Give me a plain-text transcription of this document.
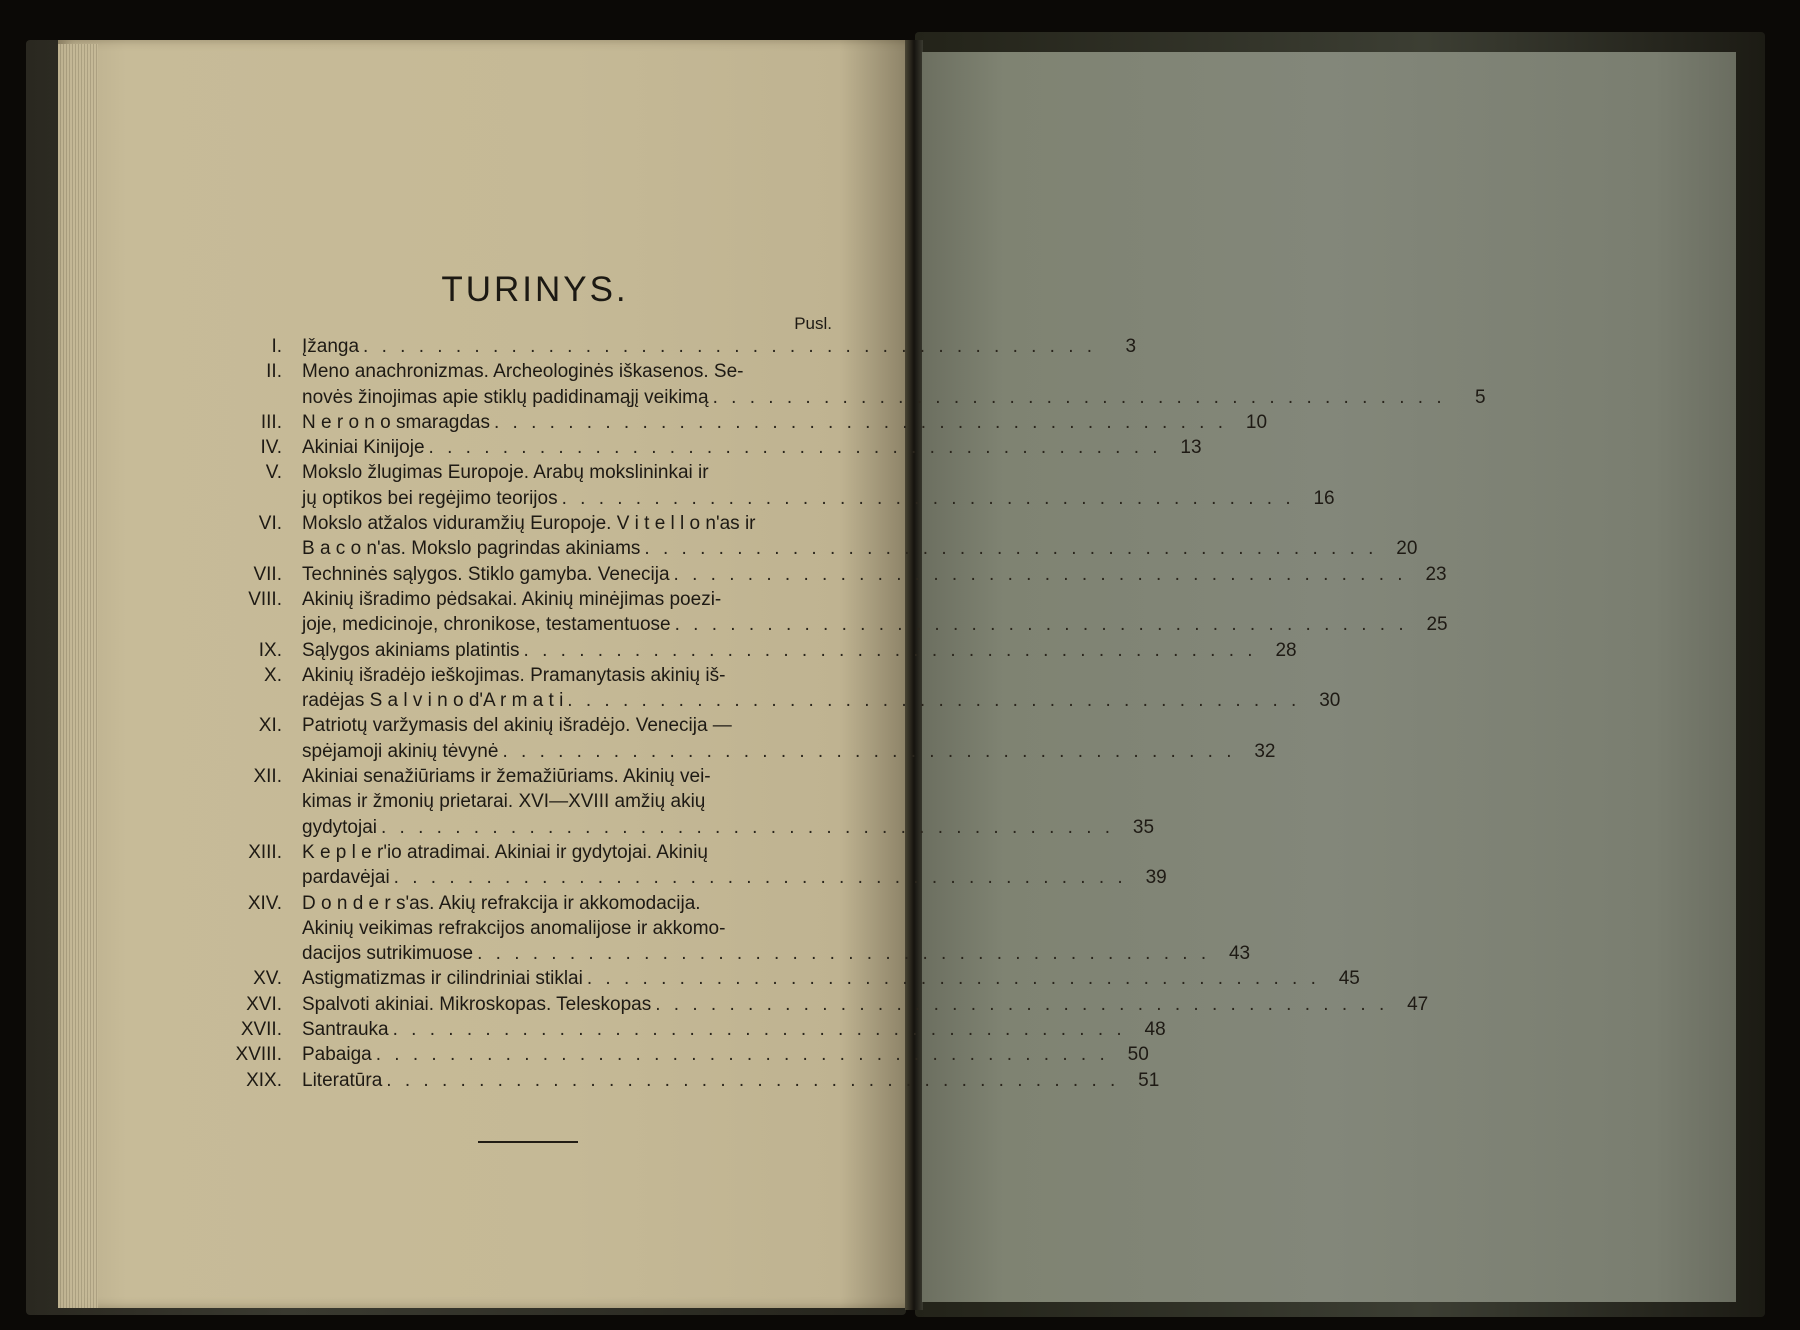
TURINYS.
Pusl.
I.	Įžanga . . . . . . . . . . . . . . . . . . . . . . . . . . . . . . . . . . . . . . . .	3
II.	Meno anachronizmas. Archeologinės iškasenos. Se-
novės žinojimas apie stiklų padidinamąjį veikimą . . . . . . . . . . . . . . . . . . . . . . . . . . . . . . . . . . . . . . . .	5
III.	N e r o n o smaragdas . . . . . . . . . . . . . . . . . . . . . . . . . . . . . . . . . . . . . . . . 10
IV.	Akiniai Kinijoje . . . . . . . . . . . . . . . . . . . . . . . . . . . . . . . . . . . . . . . . 13
V.	Mokslo žlugimas Europoje. Arabų mokslininkai ir
jų optikos bei regėjimo teorijos . . . . . . . . . . . . . . . . . . . . . . . . . . . . . . . . . . . . . . . . 16
VI.	Mokslo atžalos viduramžių Europoje. V i t e l l o n'as ir
B a c o n'as. Mokslo pagrindas akiniams . . . . . . . . . . . . . . . . . . . . . . . . . . . . . . . . . . . . . . . . 20
VII.	Techninės sąlygos. Stiklo gamyba. Venecija . . . . . . . . . . . . . . . . . . . . . . . . . . . . . . . . . . . . . . . . 23
VIII.	Akinių išradimo pėdsakai. Akinių minėjimas poezi-
joje, medicinoje, chronikose, testamentuose . . . . . . . . . . . . . . . . . . . . . . . . . . . . . . . . . . . . . . . . 25
IX.	Sąlygos akiniams platintis . . . . . . . . . . . . . . . . . . . . . . . . . . . . . . . . . . . . . . . . 28
X.	Akinių išradėjo ieškojimas. Pramanytasis akinių iš-
radėjas S a l v i n o d'A r m a t i . . . . . . . . . . . . . . . . . . . . . . . . . . . . . . . . . . . . . . . . 30
XI.	Patriotų varžymasis del akinių išradėjo. Venecija —
spėjamoji akinių tėvynė . . . . . . . . . . . . . . . . . . . . . . . . . . . . . . . . . . . . . . . . 32
XII.	Akiniai senažiūriams ir žemažiūriams. Akinių vei-
kimas ir žmonių prietarai. XVI—XVIII amžių akių
gydytojai . . . . . . . . . . . . . . . . . . . . . . . . . . . . . . . . . . . . . . . . 35
XIII.	K e p l e r'io atradimai. Akiniai ir gydytojai. Akinių
pardavėjai . . . . . . . . . . . . . . . . . . . . . . . . . . . . . . . . . . . . . . . . 39
XIV.	D o n d e r s'as. Akių refrakcija ir akkomodacija.
Akinių veikimas refrakcijos anomalijose ir akkomo-
dacijos sutrikimuose . . . . . . . . . . . . . . . . . . . . . . . . . . . . . . . . . . . . . . . . 43
XV.	Astigmatizmas ir cilindriniai stiklai . . . . . . . . . . . . . . . . . . . . . . . . . . . . . . . . . . . . . . . . 45
XVI.	Spalvoti akiniai. Mikroskopas. Teleskopas . . . . . . . . . . . . . . . . . . . . . . . . . . . . . . . . . . . . . . . . 47
XVII.	Santrauka . . . . . . . . . . . . . . . . . . . . . . . . . . . . . . . . . . . . . . . . 48
XVIII.	Pabaiga . . . . . . . . . . . . . . . . . . . . . . . . . . . . . . . . . . . . . . . . 50
XIX.	Literatūra . . . . . . . . . . . . . . . . . . . . . . . . . . . . . . . . . . . . . . . . 51
